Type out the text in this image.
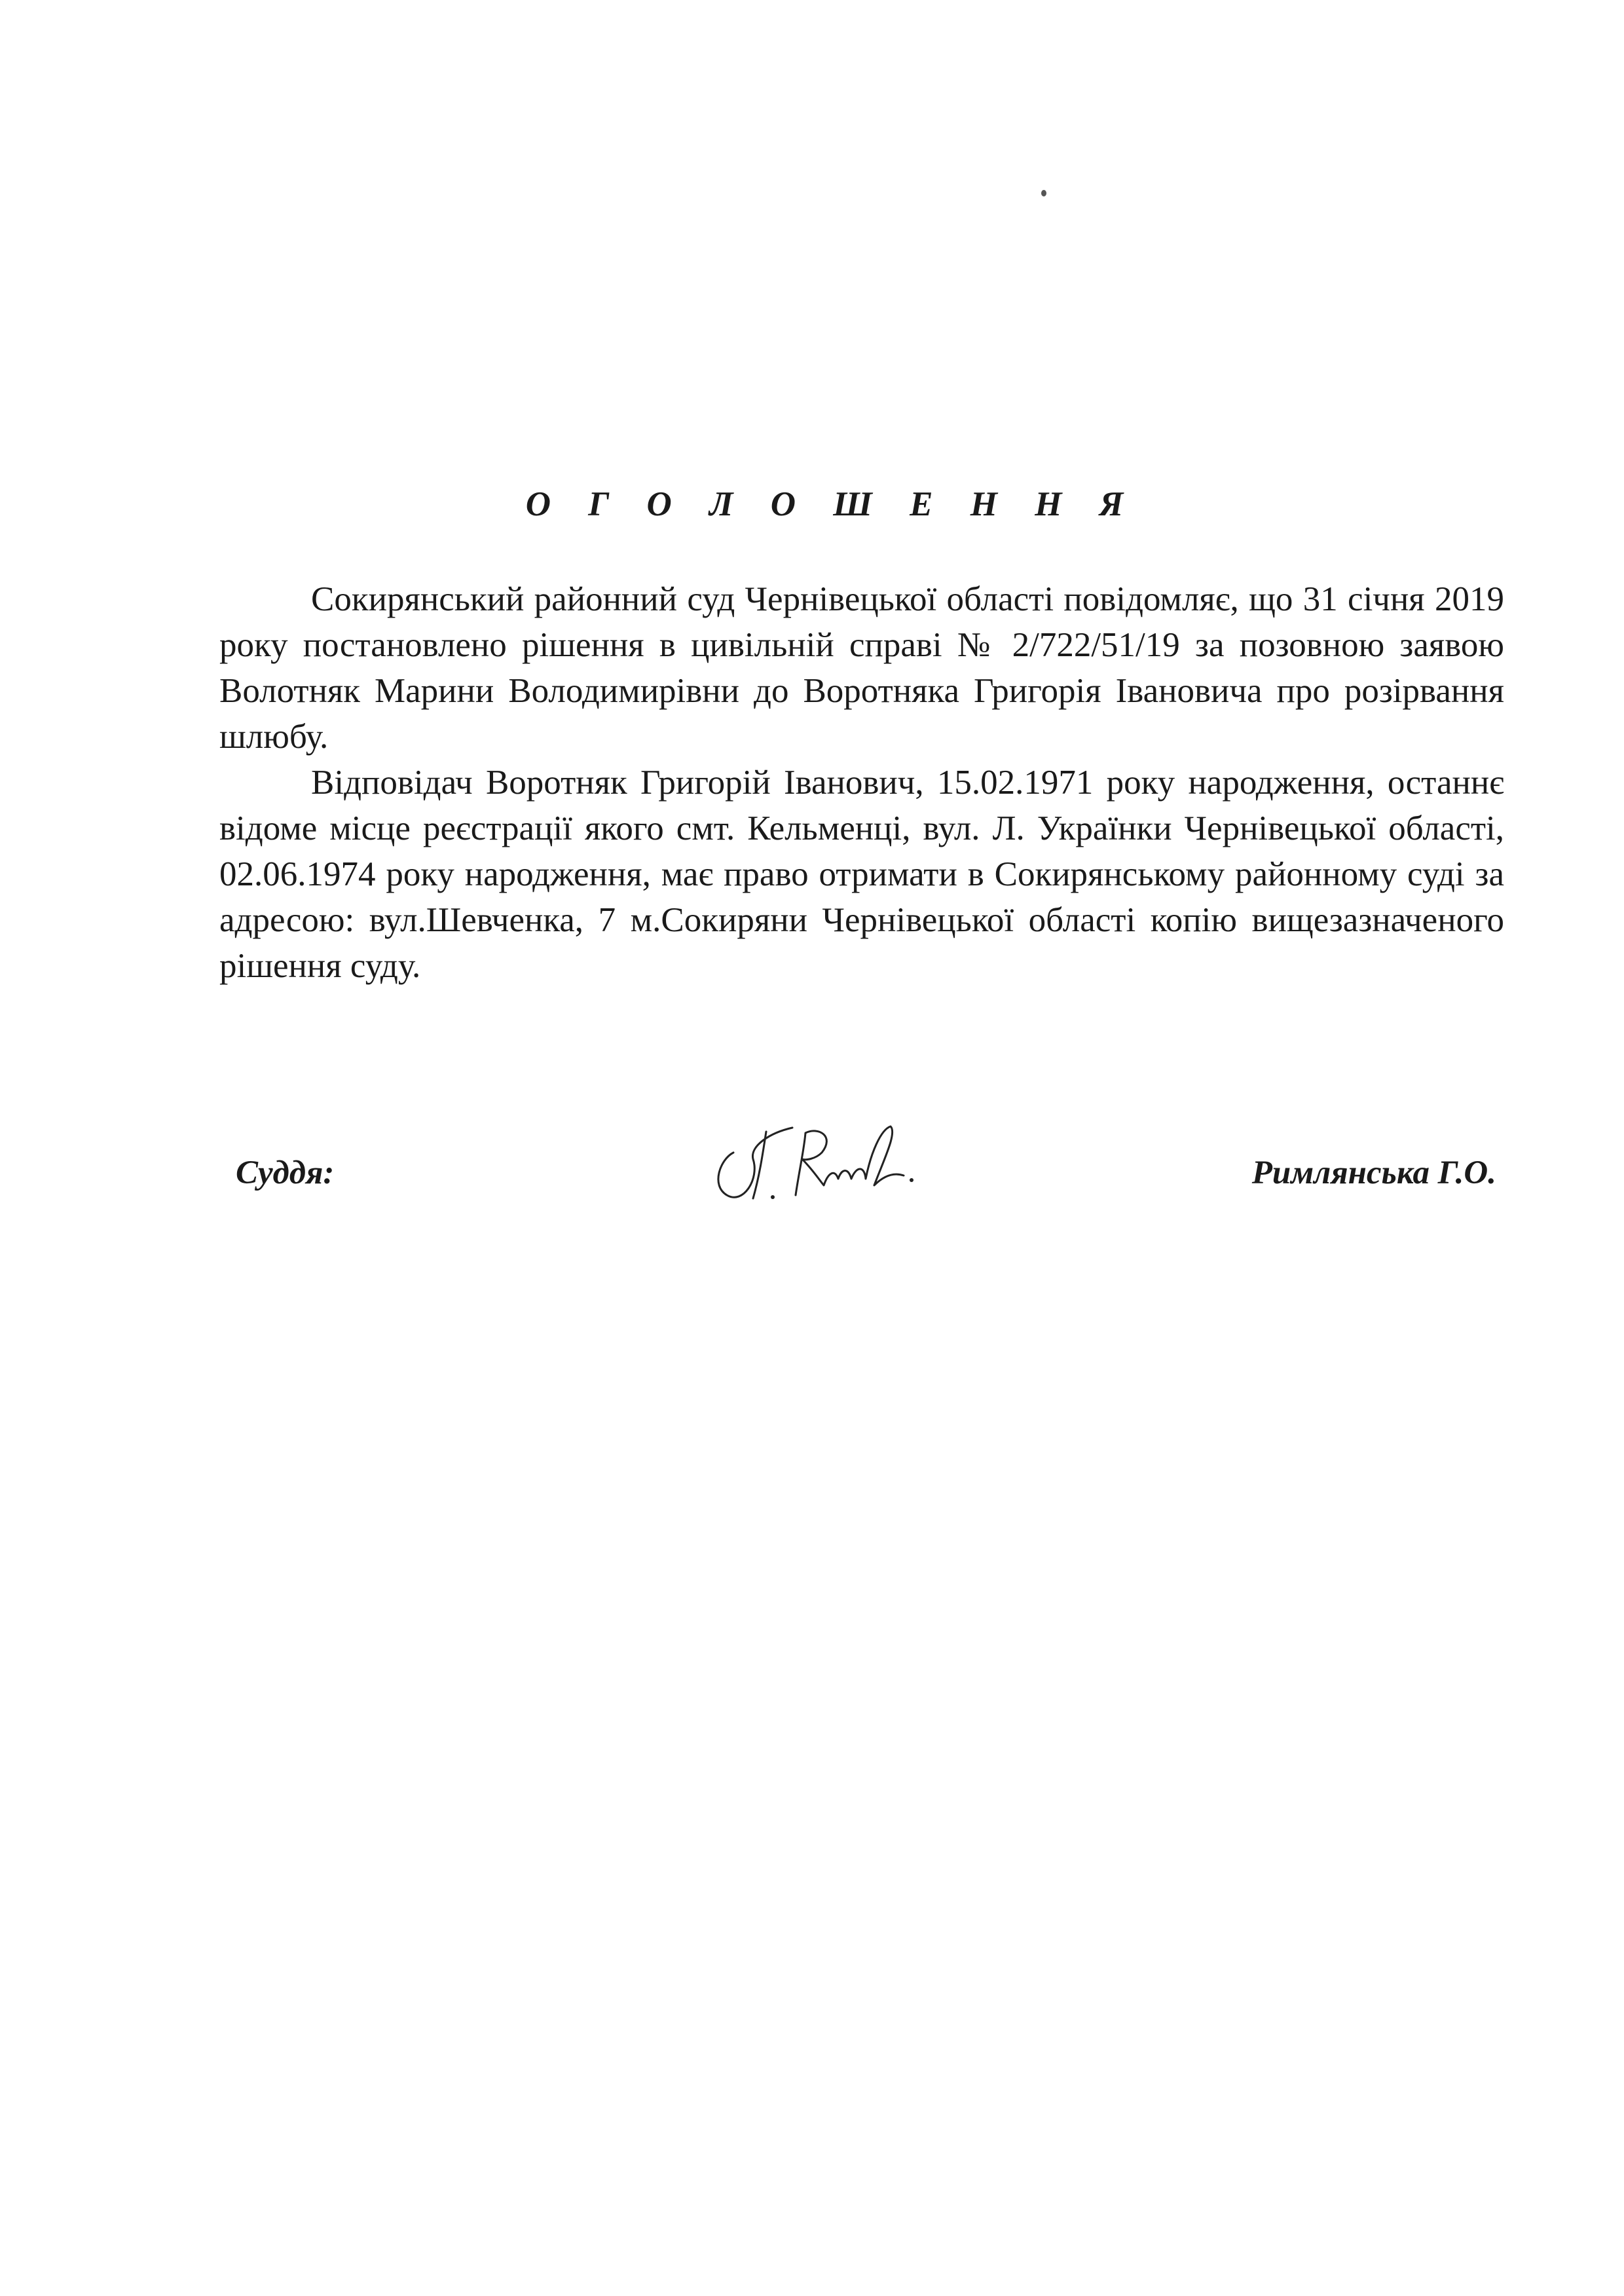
О Г О Л О Ш Е Н Н Я

Сокирянський районний суд Чернівецької області повідомляє, що 31 січня 2019 року постановлено рішення в цивільній справі № 2/722/51/19 за позовною заявою Волотняк Марини Володимирівни до Воротняка Григорія Івановича про розірвання шлюбу.

Відповідач Воротняк Григорій Іванович, 15.02.1971 року народження, останнє відоме місце реєстрації якого смт. Кельменці, вул. Л. Українки Чернівецької області, 02.06.1974 року народження, має право отримати в Сокирянському районному суді за адресою: вул.Шевченка, 7 м.Сокиряни Чернівецької області копію вищезазначеного рішення суду.

Суддя:	Римлянська Г.О.
